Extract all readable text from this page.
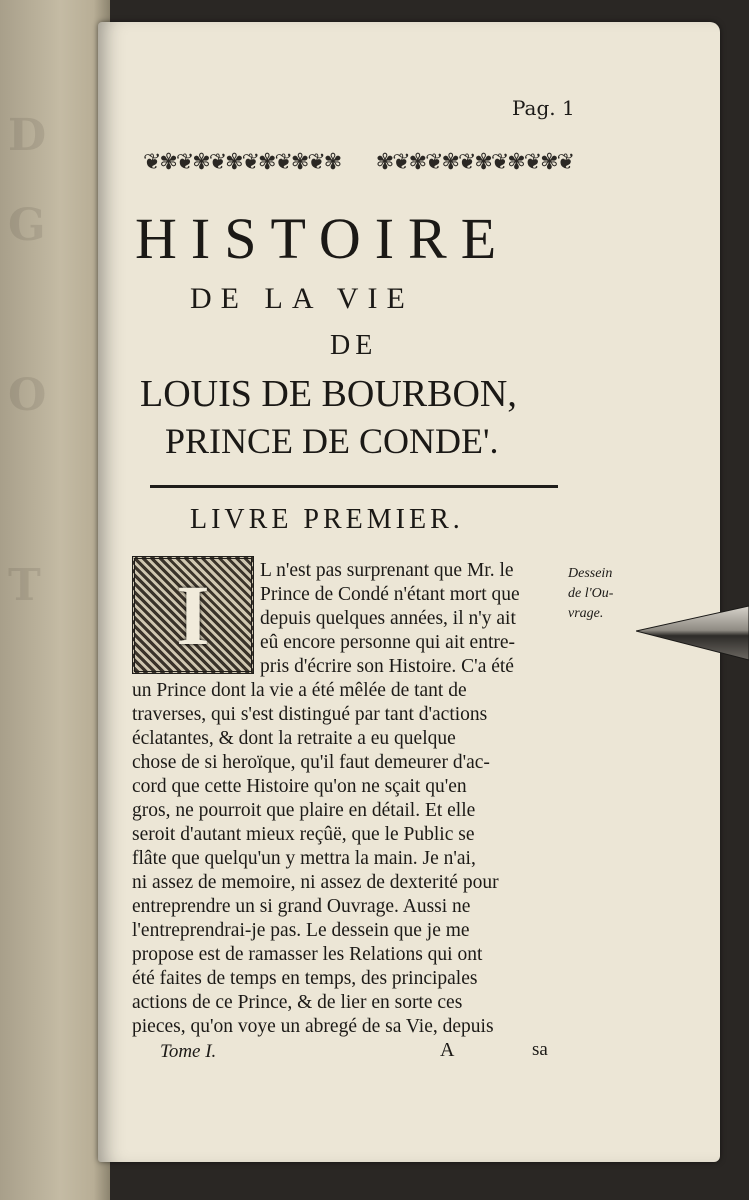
D
G
O
T
Pag. 1
❦✾❦✾❦✾❦✾❦✾❦✾ ✾❦✾❦✾❦✾❦✾❦✾❦
HISTOIRE
DE LA VIE
DE
LOUIS DE BOURBON,
PRINCE DE CONDE'.
LIVRE PREMIER.
I	L n'est pas surprenant que Mr. le
Prince de Condé n'étant mort que
depuis quelques années, il n'y ait
eû encore personne qui ait entre-
pris d'écrire son Histoire. C'a été
un Prince dont la vie a été mêlée de tant de
traverses, qui s'est distingué par tant d'actions
éclatantes, & dont la retraite a eu quelque
chose de si heroïque, qu'il faut demeurer d'ac-
cord que cette Histoire qu'on ne sçait qu'en
gros, ne pourroit que plaire en détail. Et elle
seroit d'autant mieux reçûë, que le Public se
flâte que quelqu'un y mettra la main. Je n'ai,
ni assez de memoire, ni assez de dexterité pour
entreprendre un si grand Ouvrage. Aussi ne
l'entreprendrai-je pas. Le dessein que je me
propose est de ramasser les Relations qui ont
été faites de temps en temps, des principales
actions de ce Prince, & de lier en sorte ces
pieces, qu'on voye un abregé de sa Vie, depuis
Dessein
de l'Ou-
vrage.
Tome I.	A	sa
